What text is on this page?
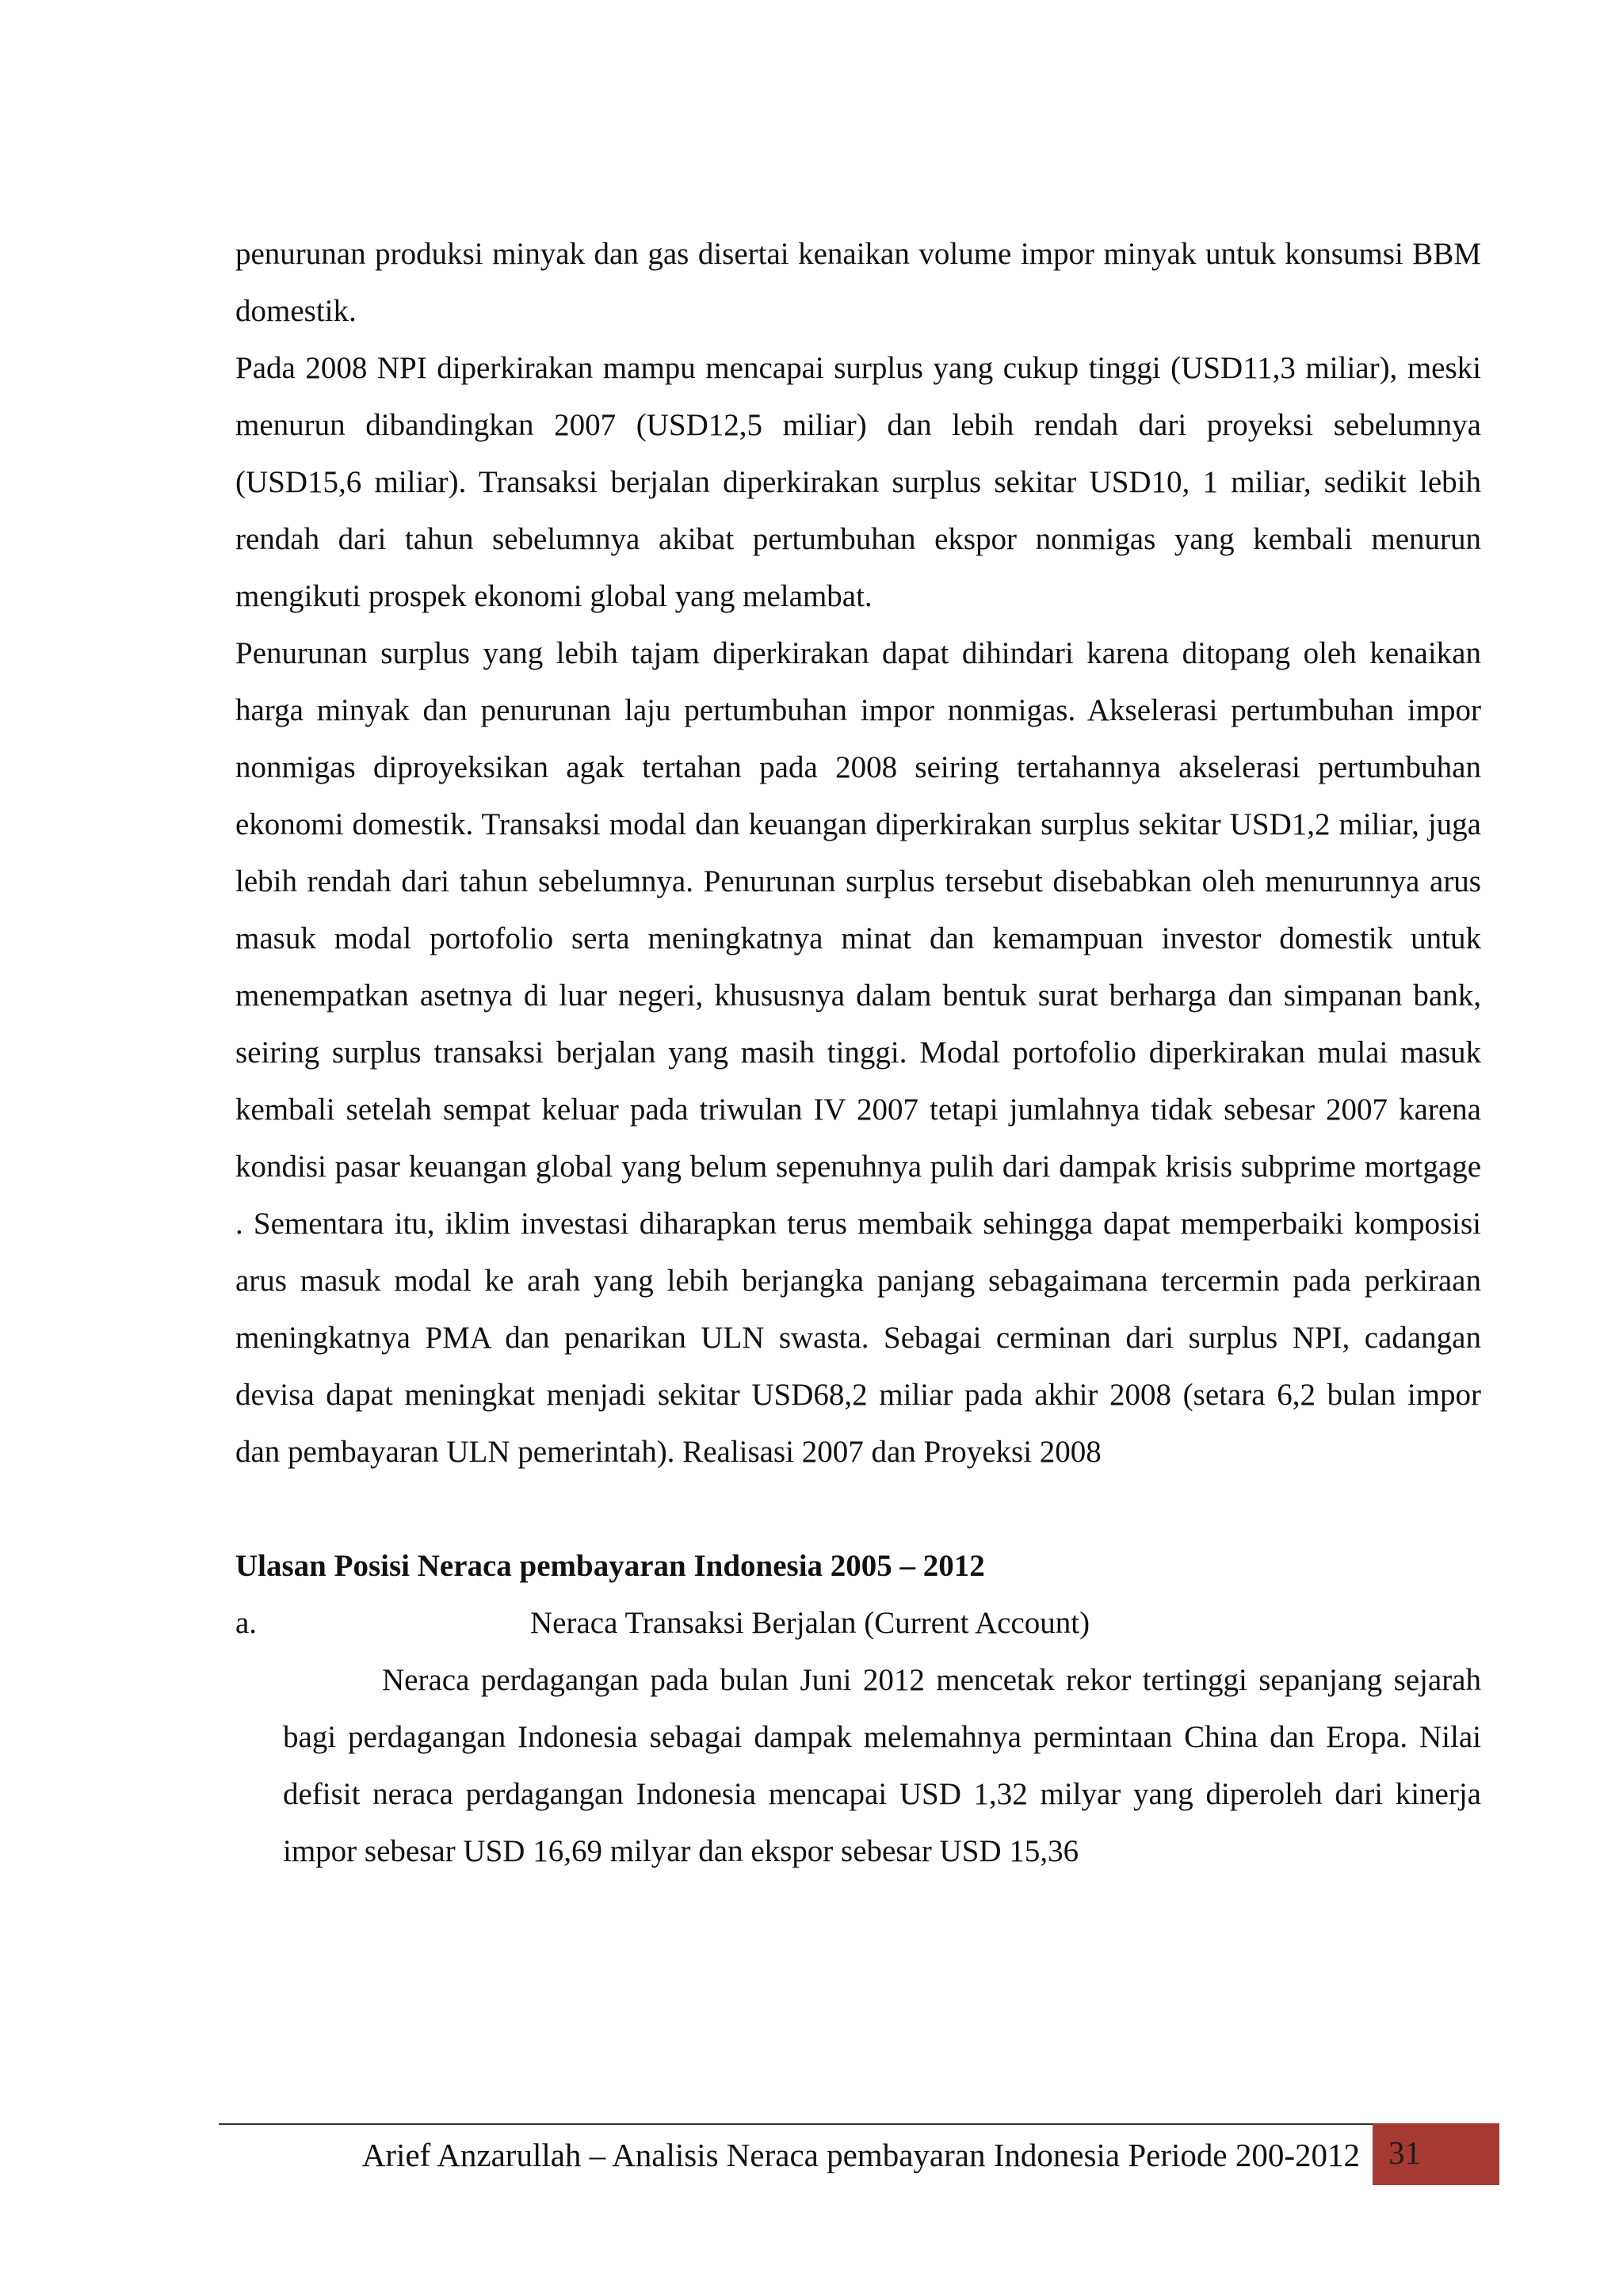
penurunan produksi minyak dan gas disertai kenaikan volume impor minyak untuk konsumsi BBM domestik.

Pada 2008 NPI diperkirakan mampu mencapai surplus yang cukup tinggi (USD11,3 miliar), meski menurun dibandingkan 2007 (USD12,5 miliar) dan lebih rendah dari proyeksi sebelumnya (USD15,6 miliar). Transaksi berjalan diperkirakan surplus sekitar USD10, 1 miliar, sedikit lebih rendah dari tahun sebelumnya akibat pertumbuhan ekspor nonmigas yang kembali menurun mengikuti prospek ekonomi global yang melambat.

Penurunan surplus yang lebih tajam diperkirakan dapat dihindari karena ditopang oleh kenaikan harga minyak dan penurunan laju pertumbuhan impor nonmigas. Akselerasi pertumbuhan impor nonmigas diproyeksikan agak tertahan pada 2008 seiring tertahannya akselerasi pertumbuhan ekonomi domestik. Transaksi modal dan keuangan diperkirakan surplus sekitar USD1,2 miliar, juga lebih rendah dari tahun sebelumnya. Penurunan surplus tersebut disebabkan oleh menurunnya arus masuk modal portofolio serta meningkatnya minat dan kemampuan investor domestik untuk menempatkan asetnya di luar negeri, khususnya dalam bentuk surat berharga dan simpanan bank, seiring surplus transaksi berjalan yang masih tinggi. Modal portofolio diperkirakan mulai masuk kembali setelah sempat keluar pada triwulan IV 2007 tetapi jumlahnya tidak sebesar 2007 karena kondisi pasar keuangan global yang belum sepenuhnya pulih dari dampak krisis subprime mortgage . Sementara itu, iklim investasi diharapkan terus membaik sehingga dapat memperbaiki komposisi arus masuk modal ke arah yang lebih berjangka panjang sebagaimana tercermin pada perkiraan meningkatnya PMA dan penarikan ULN swasta. Sebagai cerminan dari surplus NPI, cadangan devisa dapat meningkat menjadi sekitar USD68,2 miliar pada akhir 2008 (setara 6,2 bulan impor dan pembayaran ULN pemerintah). Realisasi 2007 dan Proyeksi 2008

Ulasan Posisi Neraca pembayaran Indonesia 2005 – 2012

a.	Neraca Transaksi Berjalan (Current Account)

Neraca perdagangan pada bulan Juni 2012 mencetak rekor tertinggi sepanjang sejarah bagi perdagangan Indonesia sebagai dampak melemahnya permintaan China dan Eropa. Nilai defisit neraca perdagangan Indonesia mencapai USD 1,32 milyar yang diperoleh dari kinerja impor sebesar USD 16,69 milyar dan ekspor sebesar USD 15,36

Arief Anzarullah – Analisis Neraca pembayaran Indonesia Periode 200-2012 31
